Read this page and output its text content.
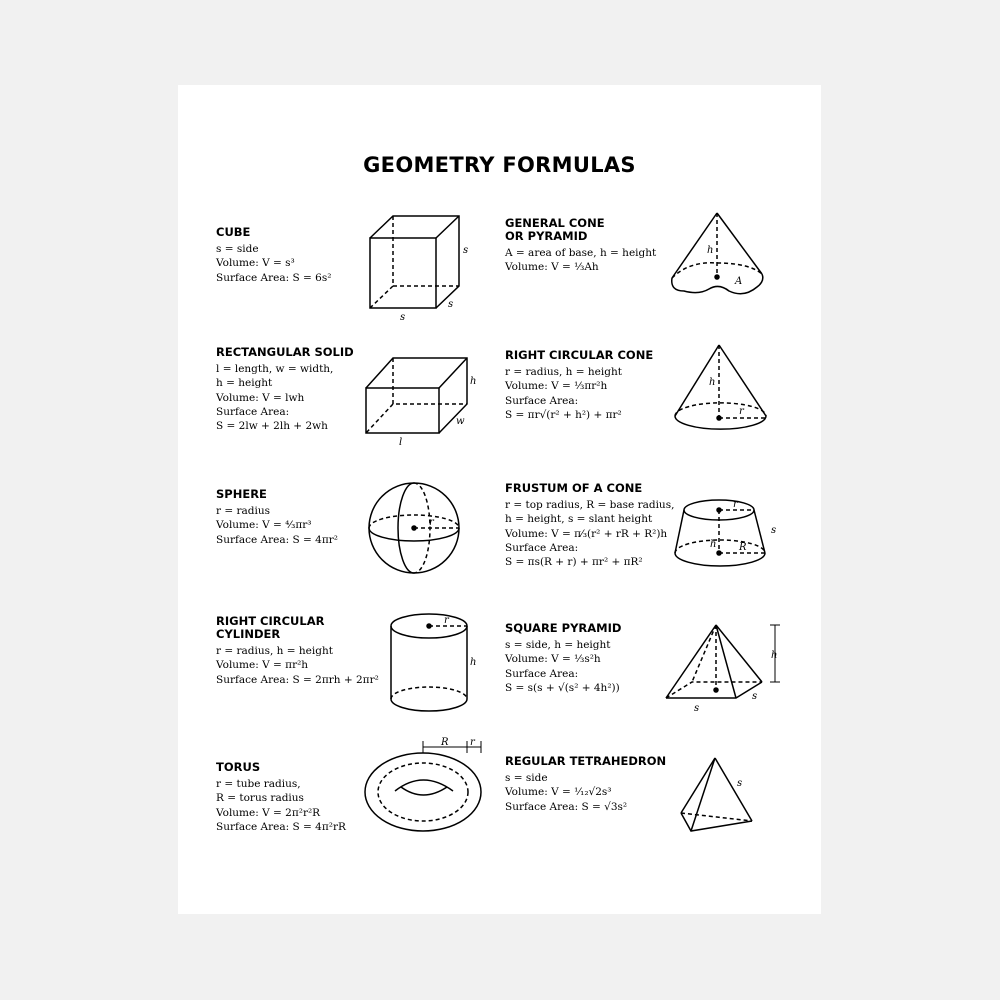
GEOMETRY FORMULAS
CUBE
s = side
Volume: V = s³
Surface Area: S = 6s²
RECTANGULAR SOLID
l = length, w = width,
h = height
Volume: V = lwh
Surface Area:
S = 2lw + 2lh + 2wh
SPHERE
r = radius
Volume: V = ⁴⁄₃πr³
Surface Area: S = 4πr²
RIGHT CIRCULAR
CYLINDER
r = radius, h = height
Volume: V = πr²h
Surface Area: S = 2πrh + 2πr²
TORUS
r = tube radius,
R = torus radius
Volume: V = 2π²r²R
Surface Area: S = 4π²rR
GENERAL CONE
OR PYRAMID
A = area of base, h = height
Volume: V = ⅓Ah
RIGHT CIRCULAR CONE
r = radius, h = height
Volume: V = ⅓πr²h
Surface Area:
S = πr√(r² + h²) + πr²
FRUSTUM OF A CONE
r = top radius, R = base radius,
h = height, s = slant height
Volume: V = π⁄₃(r² + rR + R²)h
Surface Area:
S = πs(R + r) + πr² + πR²
SQUARE PYRAMID
s = side, h = height
Volume: V = ⅓s²h
Surface Area:
S = s(s + √(s² + 4h²))
REGULAR TETRAHEDRON
s = side
Volume: V = ¹⁄₁₂√2s³
Surface Area: S = √3s²
s
s
s
h
w
l
r
r
h
R r
h
A
h
r
r
h R
s
h
s
s
s
